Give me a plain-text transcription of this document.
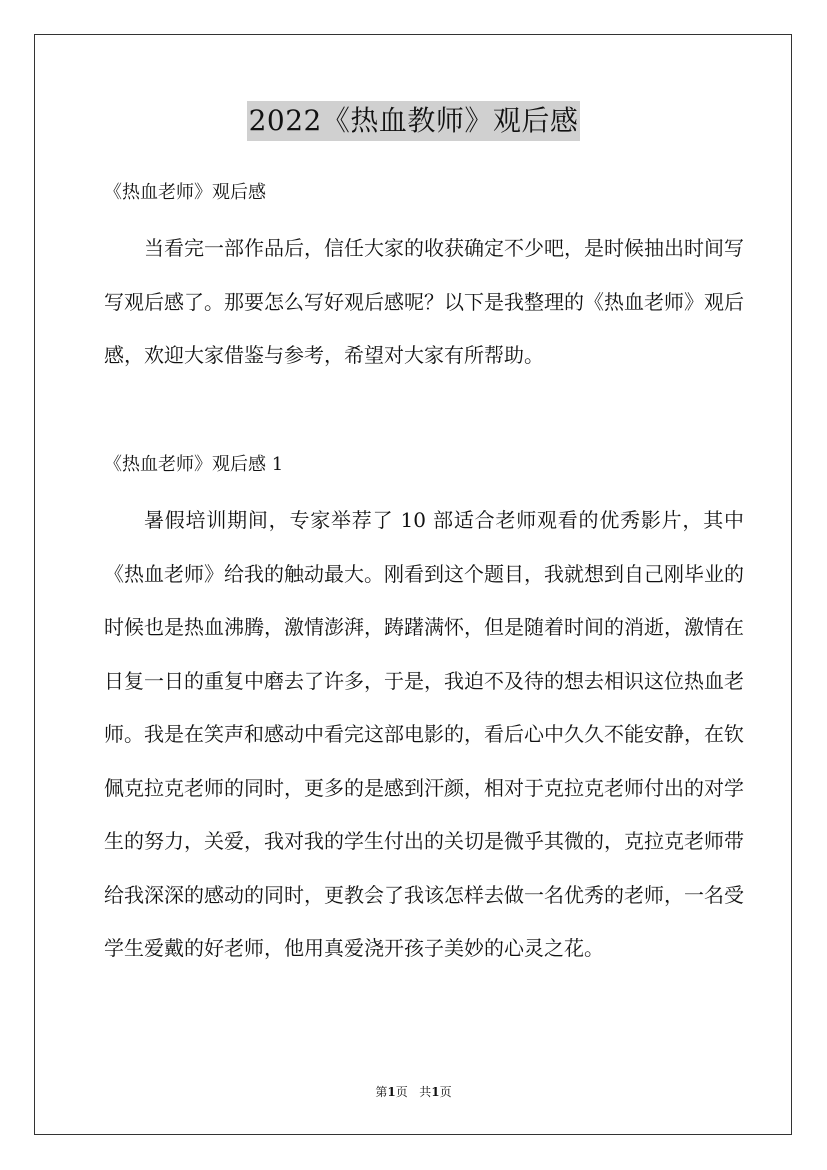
2022《热血教师》观后感
《热血老师》观后感

当看完一部作品后，信任大家的收获确定不少吧，是时候抽出时间写写观后感了。那要怎么写好观后感呢？以下是我整理的《热血老师》观后感，欢迎大家借鉴与参考，希望对大家有所帮助。

《热血老师》观后感 1

暑假培训期间，专家举荐了 10 部适合老师观看的优秀影片，其中《热血老师》给我的触动最大。刚看到这个题目，我就想到自己刚毕业的时候也是热血沸腾，激情澎湃，踌躇满怀，但是随着时间的消逝，激情在日复一日的重复中磨去了许多，于是，我迫不及待的想去相识这位热血老师。我是在笑声和感动中看完这部电影的，看后心中久久不能安静，在钦佩克拉克老师的同时，更多的是感到汗颜，相对于克拉克老师付出的对学生的努力，关爱，我对我的学生付出的关切是微乎其微的，克拉克老师带给我深深的感动的同时，更教会了我该怎样去做一名优秀的老师，一名受学生爱戴的好老师，他用真爱浇开孩子美妙的心灵之花。

第1页 共1页
